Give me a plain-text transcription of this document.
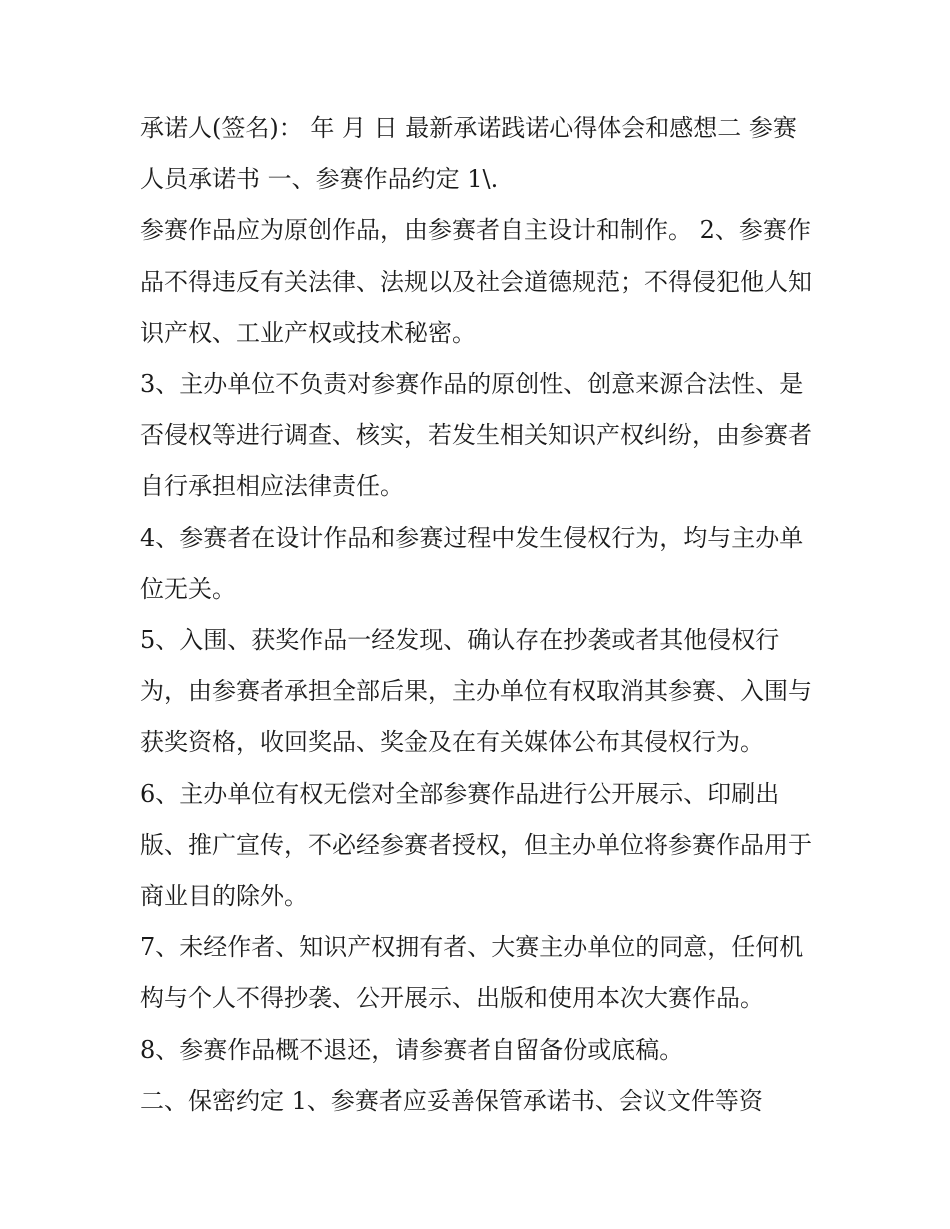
承诺人(签名)： 年 月 日 最新承诺践诺心得体会和感想二 参赛人员承诺书 一、参赛作品约定 1\.

参赛作品应为原创作品，由参赛者自主设计和制作。 2、参赛作品不得违反有关法律、法规以及社会道德规范；不得侵犯他人知识产权、工业产权或技术秘密。

3、主办单位不负责对参赛作品的原创性、创意来源合法性、是否侵权等进行调查、核实，若发生相关知识产权纠纷，由参赛者自行承担相应法律责任。

4、参赛者在设计作品和参赛过程中发生侵权行为，均与主办单位无关。

5、入围、获奖作品一经发现、确认存在抄袭或者其他侵权行为，由参赛者承担全部后果，主办单位有权取消其参赛、入围与获奖资格，收回奖品、奖金及在有关媒体公布其侵权行为。

6、主办单位有权无偿对全部参赛作品进行公开展示、印刷出版、推广宣传，不必经参赛者授权，但主办单位将参赛作品用于商业目的除外。

7、未经作者、知识产权拥有者、大赛主办单位的同意，任何机构与个人不得抄袭、公开展示、出版和使用本次大赛作品。

8、参赛作品概不退还，请参赛者自留备份或底稿。

二、保密约定 1、参赛者应妥善保管承诺书、会议文件等资
